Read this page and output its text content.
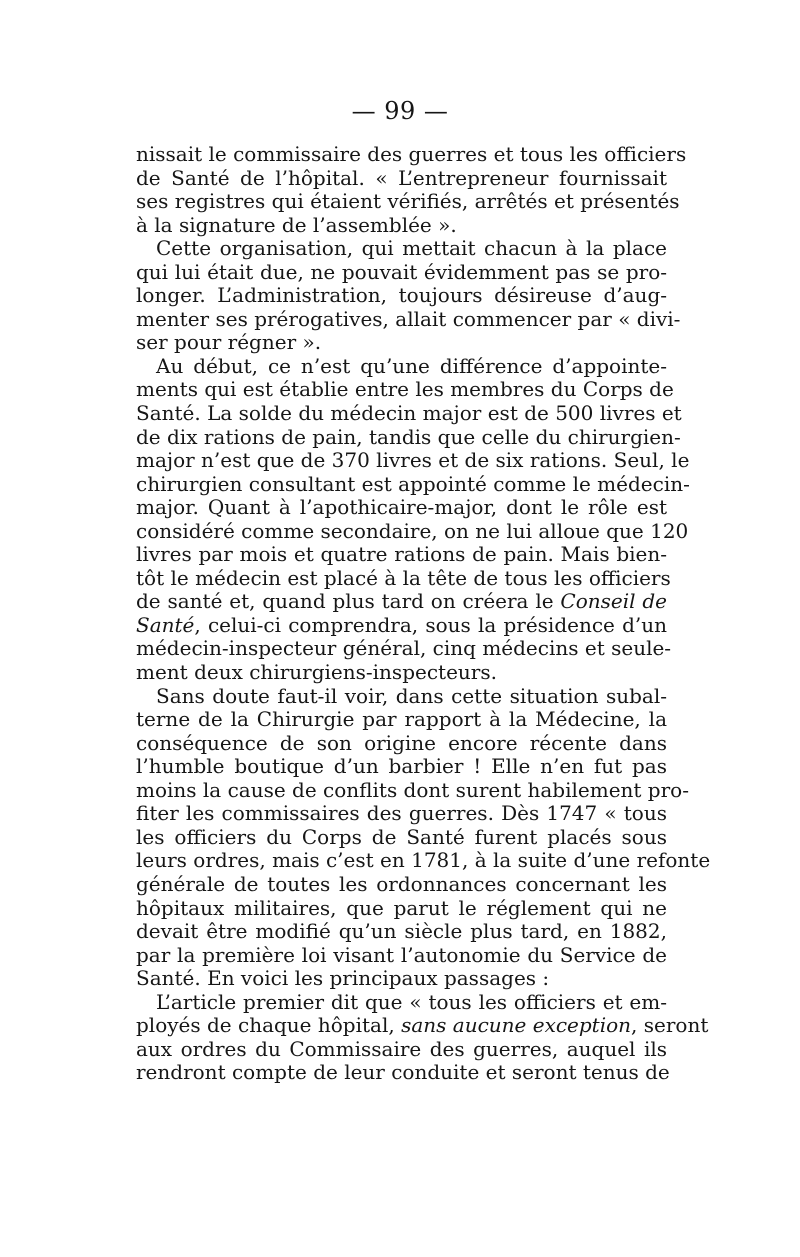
— 99 —
nissait le commissaire des guerres et tous les officiers
de Santé de l’hôpital. « L’entrepreneur fournissait
ses registres qui étaient vérifiés, arrêtés et présentés
à la signature de l’assemblée ».
Cette organisation, qui mettait chacun à la place
qui lui était due, ne pouvait évidemment pas se pro-
longer. L’administration, toujours désireuse d’aug-
menter ses prérogatives, allait commencer par « divi-
ser pour régner ».
Au début, ce n’est qu’une différence d’appointe-
ments qui est établie entre les membres du Corps de
Santé. La solde du médecin major est de 500 livres et
de dix rations de pain, tandis que celle du chirurgien-
major n’est que de 370 livres et de six rations. Seul, le
chirurgien consultant est appointé comme le médecin-
major. Quant à l’apothicaire-major, dont le rôle est
considéré comme secondaire, on ne lui alloue que 120
livres par mois et quatre rations de pain. Mais bien-
tôt le médecin est placé à la tête de tous les officiers
de santé et, quand plus tard on créera le Conseil de
Santé, celui-ci comprendra, sous la présidence d’un
médecin-inspecteur général, cinq médecins et seule-
ment deux chirurgiens-inspecteurs.
Sans doute faut-il voir, dans cette situation subal-
terne de la Chirurgie par rapport à la Médecine, la
conséquence de son origine encore récente dans
l’humble boutique d’un barbier ! Elle n’en fut pas
moins la cause de conflits dont surent habilement pro-
fiter les commissaires des guerres. Dès 1747 « tous
les officiers du Corps de Santé furent placés sous
leurs ordres, mais c’est en 1781, à la suite d’une refonte
générale de toutes les ordonnances concernant les
hôpitaux militaires, que parut le réglement qui ne
devait être modifié qu’un siècle plus tard, en 1882,
par la première loi visant l’autonomie du Service de
Santé. En voici les principaux passages :
L’article premier dit que « tous les officiers et em-
ployés de chaque hôpital, sans aucune exception, seront
aux ordres du Commissaire des guerres, auquel ils
rendront compte de leur conduite et seront tenus de
